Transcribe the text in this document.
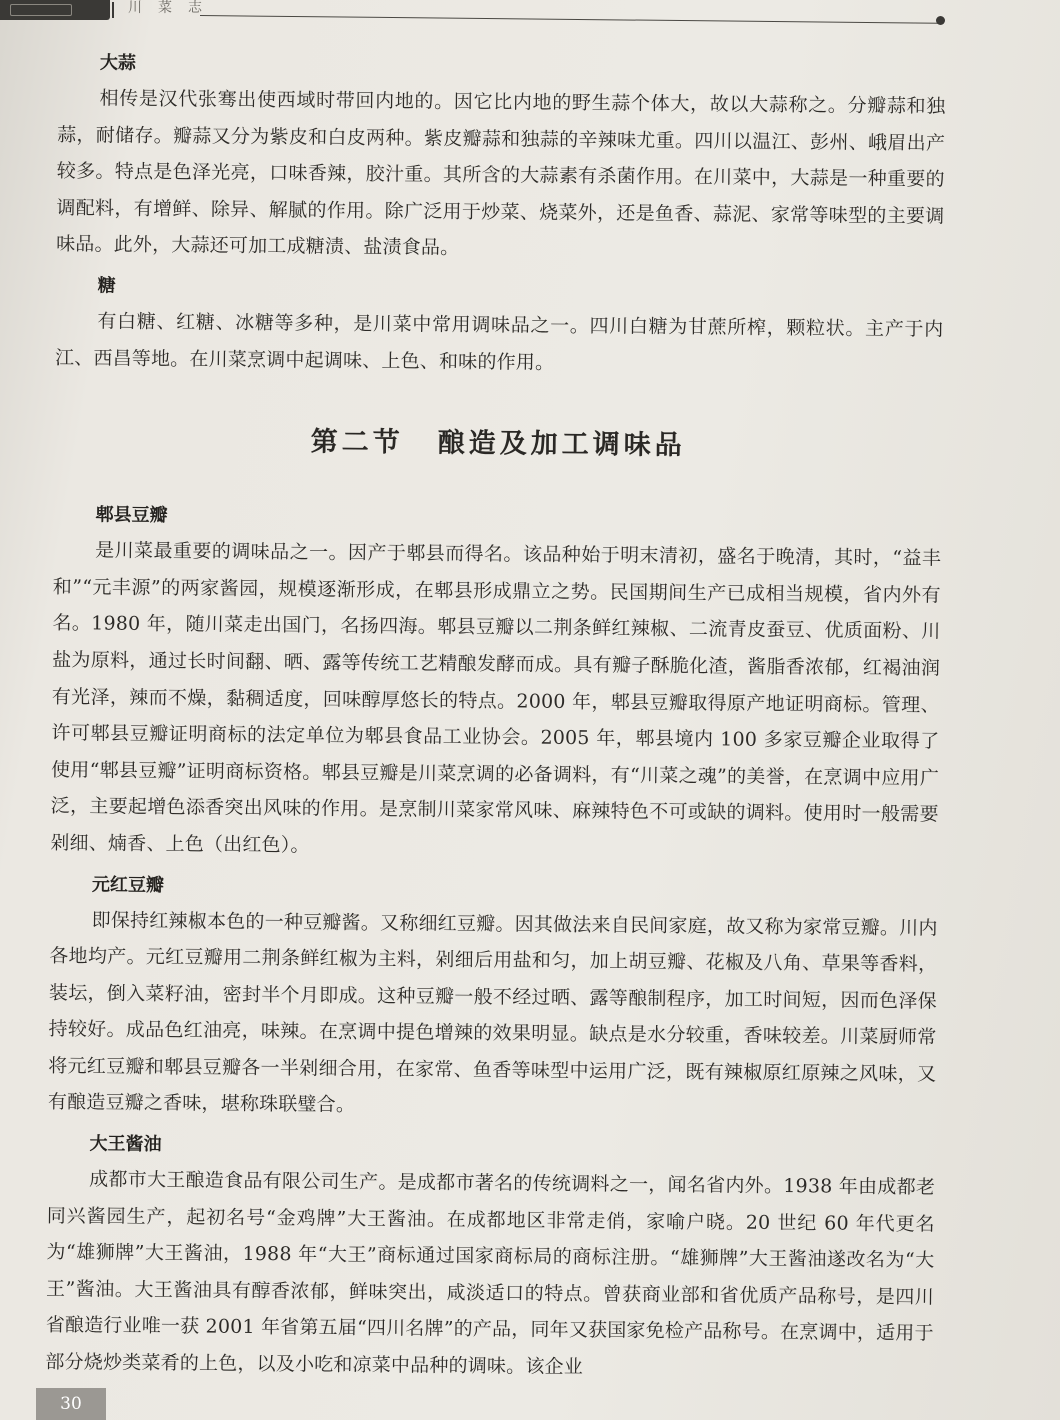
川菜志
大蒜

相传是汉代张骞出使西域时带回内地的。因它比内地的野生蒜个体大，故以大蒜称之。分瓣蒜和独蒜，耐储存。瓣蒜又分为紫皮和白皮两种。紫皮瓣蒜和独蒜的辛辣味尤重。四川以温江、彭州、峨眉出产较多。特点是色泽光亮，口味香辣，胶汁重。其所含的大蒜素有杀菌作用。在川菜中，大蒜是一种重要的调配料，有增鲜、除异、解腻的作用。除广泛用于炒菜、烧菜外，还是鱼香、蒜泥、家常等味型的主要调味品。此外，大蒜还可加工成糖渍、盐渍食品。

糖

有白糖、红糖、冰糖等多种，是川菜中常用调味品之一。四川白糖为甘蔗所榨，颗粒状。主产于内江、西昌等地。在川菜烹调中起调味、上色、和味的作用。

第二节 酿造及加工调味品
郫县豆瓣

是川菜最重要的调味品之一。因产于郫县而得名。该品种始于明末清初，盛名于晚清，其时，“益丰和”“元丰源”的两家酱园，规模逐渐形成，在郫县形成鼎立之势。民国期间生产已成相当规模，省内外有名。1980 年，随川菜走出国门，名扬四海。郫县豆瓣以二荆条鲜红辣椒、二流青皮蚕豆、优质面粉、川盐为原料，通过长时间翻、晒、露等传统工艺精酿发酵而成。具有瓣子酥脆化渣，酱脂香浓郁，红褐油润有光泽，辣而不燥，黏稠适度，回味醇厚悠长的特点。2000 年，郫县豆瓣取得原产地证明商标。管理、许可郫县豆瓣证明商标的法定单位为郫县食品工业协会。2005 年，郫县境内 100 多家豆瓣企业取得了使用“郫县豆瓣”证明商标资格。郫县豆瓣是川菜烹调的必备调料，有“川菜之魂”的美誉，在烹调中应用广泛，主要起增色添香突出风味的作用。是烹制川菜家常风味、麻辣特色不可或缺的调料。使用时一般需要剁细、煵香、上色（出红色）。

元红豆瓣

即保持红辣椒本色的一种豆瓣酱。又称细红豆瓣。因其做法来自民间家庭，故又称为家常豆瓣。川内各地均产。元红豆瓣用二荆条鲜红椒为主料，剁细后用盐和匀，加上胡豆瓣、花椒及八角、草果等香料，装坛，倒入菜籽油，密封半个月即成。这种豆瓣一般不经过晒、露等酿制程序，加工时间短，因而色泽保持较好。成品色红油亮，味辣。在烹调中提色增辣的效果明显。缺点是水分较重，香味较差。川菜厨师常将元红豆瓣和郫县豆瓣各一半剁细合用，在家常、鱼香等味型中运用广泛，既有辣椒原红原辣之风味，又有酿造豆瓣之香味，堪称珠联璧合。

大王酱油

成都市大王酿造食品有限公司生产。是成都市著名的传统调料之一，闻名省内外。1938 年由成都老同兴酱园生产，起初名号“金鸡牌”大王酱油。在成都地区非常走俏，家喻户晓。20 世纪 60 年代更名为“雄狮牌”大王酱油，1988 年“大王”商标通过国家商标局的商标注册。“雄狮牌”大王酱油遂改名为“大王”酱油。大王酱油具有醇香浓郁，鲜味突出，咸淡适口的特点。曾获商业部和省优质产品称号，是四川省酿造行业唯一获 2001 年省第五届“四川名牌”的产品，同年又获国家免检产品称号。在烹调中，适用于部分烧炒类菜肴的上色，以及小吃和凉菜中品种的调味。该企业

30
